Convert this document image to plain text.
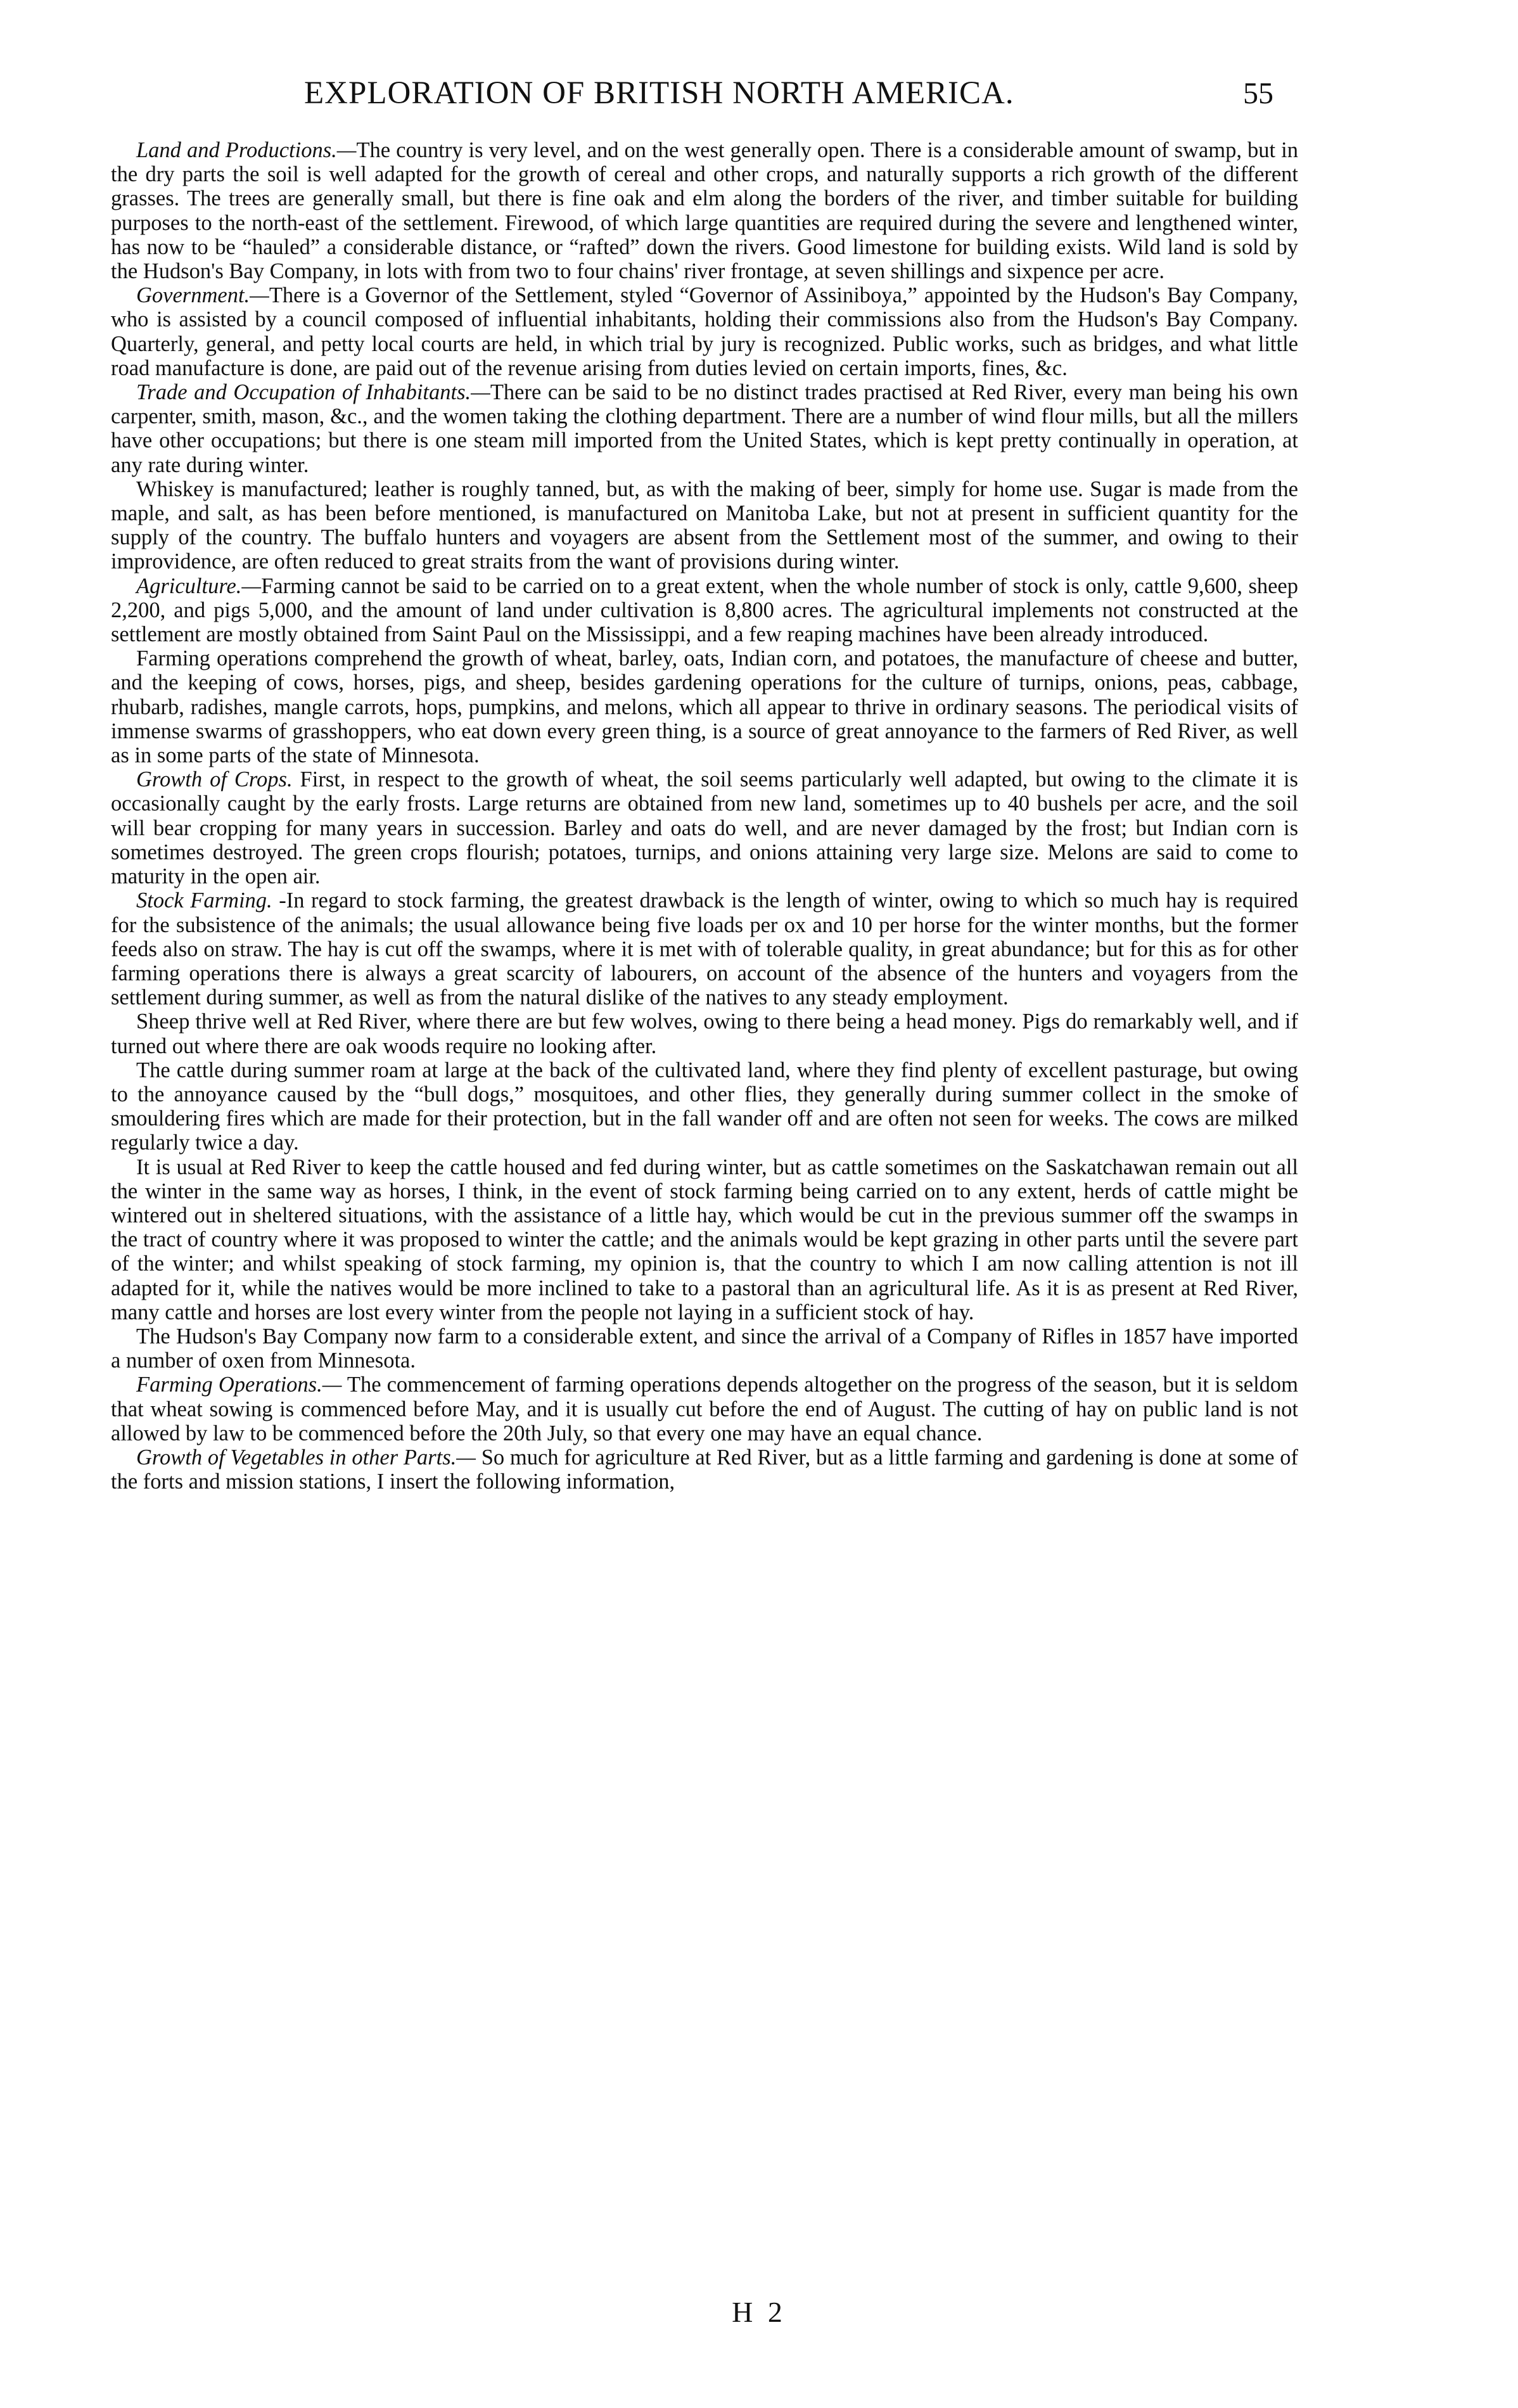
EXPLORATION OF BRITISH NORTH AMERICA.	55

Land and Productions.—The country is very level, and on the west generally open. There is a considerable amount of swamp, but in the dry parts the soil is well adapted for the growth of cereal and other crops, and naturally supports a rich growth of the different grasses. The trees are generally small, but there is fine oak and elm along the borders of the river, and timber suitable for building purposes to the north-east of the settlement. Firewood, of which large quantities are required during the severe and lengthened winter, has now to be “hauled” a considerable distance, or “rafted” down the rivers. Good limestone for building exists. Wild land is sold by the Hudson's Bay Company, in lots with from two to four chains' river frontage, at seven shillings and sixpence per acre.

Government.—There is a Governor of the Settlement, styled “Governor of Assiniboya,” appointed by the Hudson's Bay Company, who is assisted by a council composed of influential inhabitants, holding their commissions also from the Hudson's Bay Company. Quarterly, general, and petty local courts are held, in which trial by jury is recognized. Public works, such as bridges, and what little road manufacture is done, are paid out of the revenue arising from duties levied on certain imports, fines, &c.

Trade and Occupation of Inhabitants.—There can be said to be no distinct trades practised at Red River, every man being his own carpenter, smith, mason, &c., and the women taking the clothing department. There are a number of wind flour mills, but all the millers have other occupations; but there is one steam mill imported from the United States, which is kept pretty continually in operation, at any rate during winter.

Whiskey is manufactured; leather is roughly tanned, but, as with the making of beer, simply for home use. Sugar is made from the maple, and salt, as has been before mentioned, is manufactured on Manitoba Lake, but not at present in sufficient quantity for the supply of the country. The buffalo hunters and voyagers are absent from the Settlement most of the summer, and owing to their improvidence, are often reduced to great straits from the want of provisions during winter.

Agriculture.—Farming cannot be said to be carried on to a great extent, when the whole number of stock is only, cattle 9,600, sheep 2,200, and pigs 5,000, and the amount of land under cultivation is 8,800 acres. The agricultural implements not constructed at the settlement are mostly obtained from Saint Paul on the Mississippi, and a few reaping machines have been already introduced.

Farming operations comprehend the growth of wheat, barley, oats, Indian corn, and potatoes, the manufacture of cheese and butter, and the keeping of cows, horses, pigs, and sheep, besides gardening operations for the culture of turnips, onions, peas, cabbage, rhubarb, radishes, mangle carrots, hops, pumpkins, and melons, which all appear to thrive in ordinary seasons. The periodical visits of immense swarms of grasshoppers, who eat down every green thing, is a source of great annoyance to the farmers of Red River, as well as in some parts of the state of Minnesota.

Growth of Crops. First, in respect to the growth of wheat, the soil seems particularly well adapted, but owing to the climate it is occasionally caught by the early frosts. Large returns are obtained from new land, sometimes up to 40 bushels per acre, and the soil will bear cropping for many years in succession. Barley and oats do well, and are never damaged by the frost; but Indian corn is sometimes destroyed. The green crops flourish; potatoes, turnips, and onions attaining very large size. Melons are said to come to maturity in the open air.

Stock Farming. -In regard to stock farming, the greatest drawback is the length of winter, owing to which so much hay is required for the subsistence of the animals; the usual allowance being five loads per ox and 10 per horse for the winter months, but the former feeds also on straw. The hay is cut off the swamps, where it is met with of tolerable quality, in great abundance; but for this as for other farming operations there is always a great scarcity of labourers, on account of the absence of the hunters and voyagers from the settlement during summer, as well as from the natural dislike of the natives to any steady employment.

Sheep thrive well at Red River, where there are but few wolves, owing to there being a head money. Pigs do remarkably well, and if turned out where there are oak woods require no looking after.

The cattle during summer roam at large at the back of the cultivated land, where they find plenty of excellent pasturage, but owing to the annoyance caused by the “bull dogs,” mosquitoes, and other flies, they generally during summer collect in the smoke of smouldering fires which are made for their protection, but in the fall wander off and are often not seen for weeks. The cows are milked regularly twice a day.

It is usual at Red River to keep the cattle housed and fed during winter, but as cattle sometimes on the Saskatchawan remain out all the winter in the same way as horses, I think, in the event of stock farming being carried on to any extent, herds of cattle might be wintered out in sheltered situations, with the assistance of a little hay, which would be cut in the previous summer off the swamps in the tract of country where it was proposed to winter the cattle; and the animals would be kept grazing in other parts until the severe part of the winter; and whilst speaking of stock farming, my opinion is, that the country to which I am now calling attention is not ill adapted for it, while the natives would be more inclined to take to a pastoral than an agricultural life. As it is as present at Red River, many cattle and horses are lost every winter from the people not laying in a sufficient stock of hay.

The Hudson's Bay Company now farm to a considerable extent, and since the arrival of a Company of Rifles in 1857 have imported a number of oxen from Minnesota.

Farming Operations.— The commencement of farming operations depends altogether on the progress of the season, but it is seldom that wheat sowing is commenced before May, and it is usually cut before the end of August. The cutting of hay on public land is not allowed by law to be commenced before the 20th July, so that every one may have an equal chance.

Growth of Vegetables in other Parts.— So much for agriculture at Red River, but as a little farming and gardening is done at some of the forts and mission stations, I insert the following information,

H 2
